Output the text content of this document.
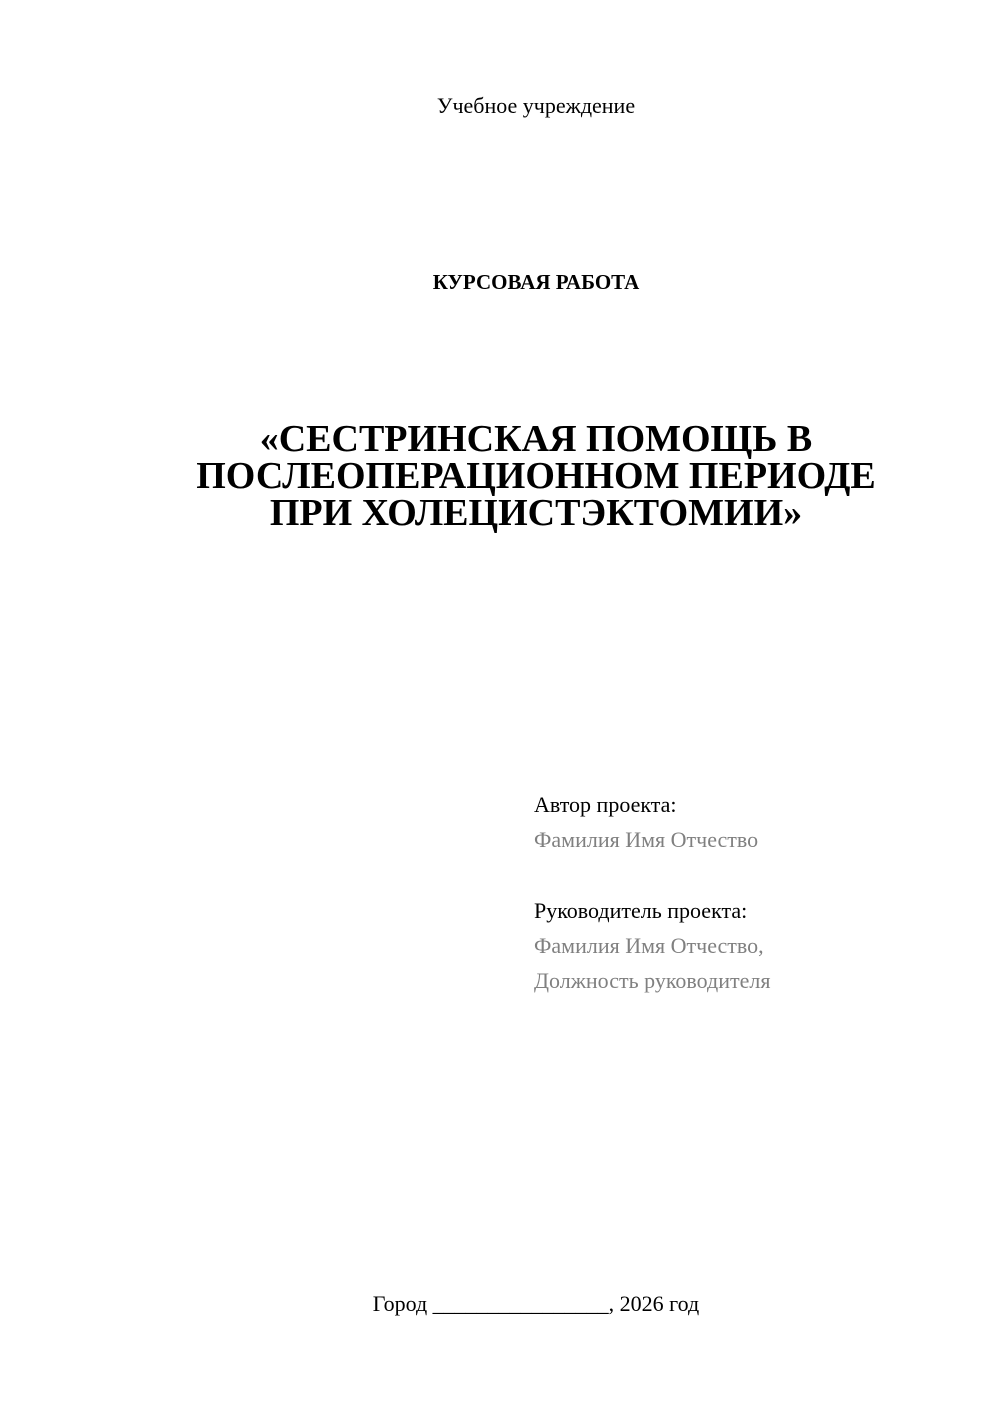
Учебное учреждение
КУРСОВАЯ РАБОТА
«СЕСТРИНСКАЯ ПОМОЩЬ В
ПОСЛЕОПЕРАЦИОННОМ ПЕРИОДЕ
ПРИ ХОЛЕЦИСТЭКТОМИИ»
Автор проекта:
Фамилия Имя Отчество
Руководитель проекта:
Фамилия Имя Отчество,
Должность руководителя
Город ________________, 2026 год
